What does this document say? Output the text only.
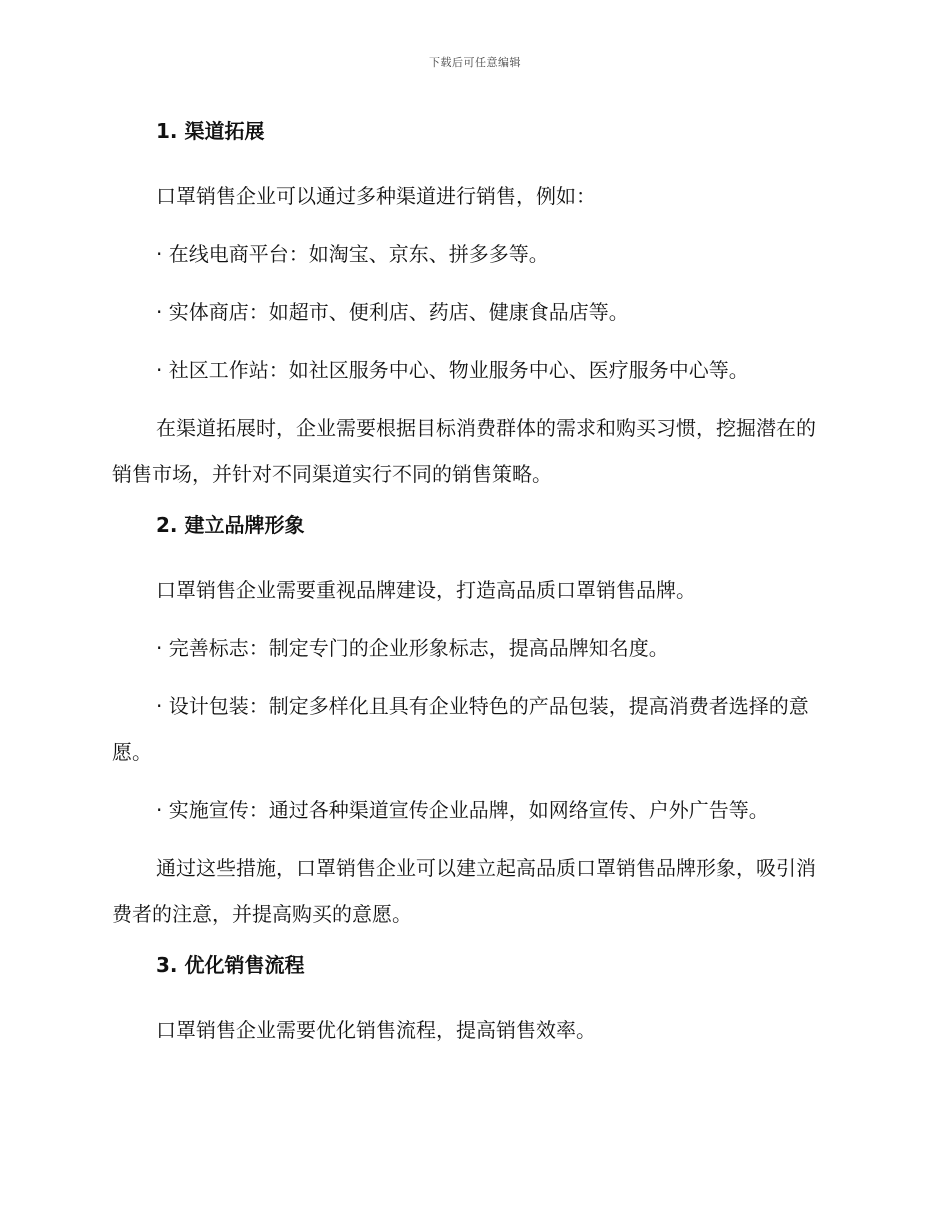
下载后可任意编辑
1. 渠道拓展

口罩销售企业可以通过多种渠道进行销售，例如：

· 在线电商平台：如淘宝、京东、拼多多等。

· 实体商店：如超市、便利店、药店、健康食品店等。

· 社区工作站：如社区服务中心、物业服务中心、医疗服务中心等。

在渠道拓展时，企业需要根据目标消费群体的需求和购买习惯，挖掘潜在的销售市场，并针对不同渠道实行不同的销售策略。

2. 建立品牌形象

口罩销售企业需要重视品牌建设，打造高品质口罩销售品牌。

· 完善标志：制定专门的企业形象标志，提高品牌知名度。

· 设计包装：制定多样化且具有企业特色的产品包装，提高消费者选择的意愿。

· 实施宣传：通过各种渠道宣传企业品牌，如网络宣传、户外广告等。

通过这些措施，口罩销售企业可以建立起高品质口罩销售品牌形象，吸引消费者的注意，并提高购买的意愿。

3. 优化销售流程

口罩销售企业需要优化销售流程，提高销售效率。
